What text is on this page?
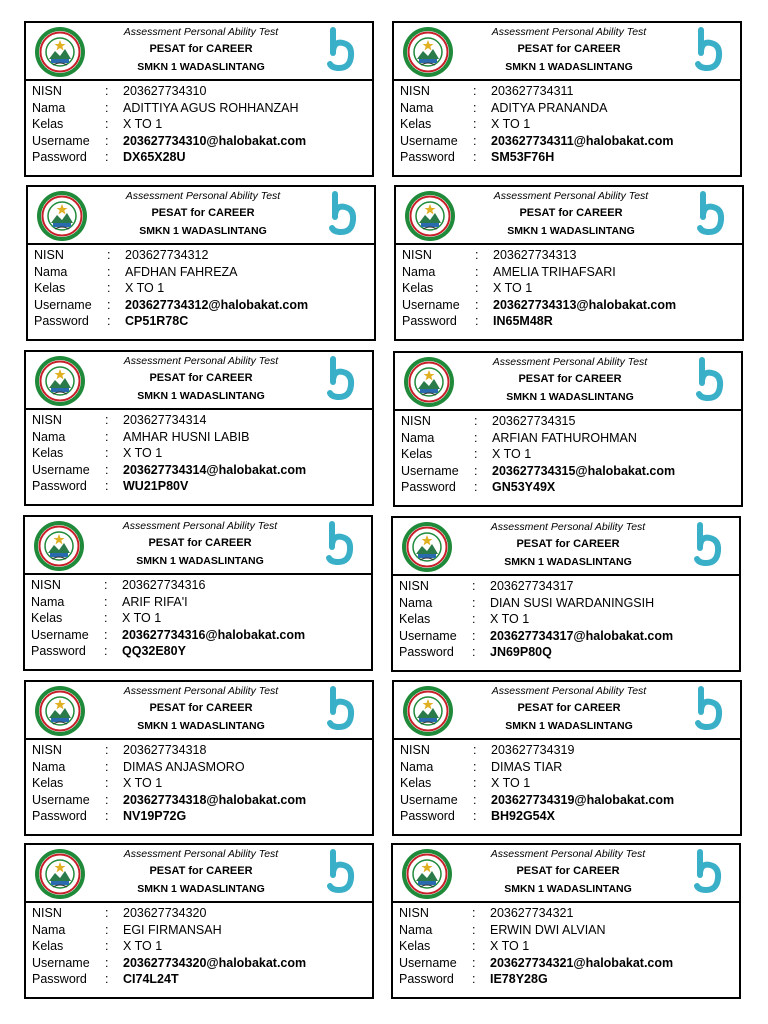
Assessment Personal Ability Test
PESAT for CAREER
SMKN 1 WADASLINTANG
NISN	:	203627734310
Nama	:	ADITTIYA AGUS ROHHANZAH
Kelas	:	X TO 1
Username	:	203627734310@halobakat.com
Password	:	DX65X28U
Assessment Personal Ability Test
PESAT for CAREER
SMKN 1 WADASLINTANG
NISN	:	203627734311
Nama	:	ADITYA PRANANDA
Kelas	:	X TO 1
Username	:	203627734311@halobakat.com
Password	:	SM53F76H
Assessment Personal Ability Test
PESAT for CAREER
SMKN 1 WADASLINTANG
NISN	:	203627734312
Nama	:	AFDHAN FAHREZA
Kelas	:	X TO 1
Username	:	203627734312@halobakat.com
Password	:	CP51R78C
Assessment Personal Ability Test
PESAT for CAREER
SMKN 1 WADASLINTANG
NISN	:	203627734313
Nama	:	AMELIA TRIHAFSARI
Kelas	:	X TO 1
Username	:	203627734313@halobakat.com
Password	:	IN65M48R
Assessment Personal Ability Test
PESAT for CAREER
SMKN 1 WADASLINTANG
NISN	:	203627734314
Nama	:	AMHAR HUSNI LABIB
Kelas	:	X TO 1
Username	:	203627734314@halobakat.com
Password	:	WU21P80V
Assessment Personal Ability Test
PESAT for CAREER
SMKN 1 WADASLINTANG
NISN	:	203627734315
Nama	:	ARFIAN FATHUROHMAN
Kelas	:	X TO 1
Username	:	203627734315@halobakat.com
Password	:	GN53Y49X
Assessment Personal Ability Test
PESAT for CAREER
SMKN 1 WADASLINTANG
NISN	:	203627734316
Nama	:	ARIF RIFA'I
Kelas	:	X TO 1
Username	:	203627734316@halobakat.com
Password	:	QQ32E80Y
Assessment Personal Ability Test
PESAT for CAREER
SMKN 1 WADASLINTANG
NISN	:	203627734317
Nama	:	DIAN SUSI WARDANINGSIH
Kelas	:	X TO 1
Username	:	203627734317@halobakat.com
Password	:	JN69P80Q
Assessment Personal Ability Test
PESAT for CAREER
SMKN 1 WADASLINTANG
NISN	:	203627734318
Nama	:	DIMAS ANJASMORO
Kelas	:	X TO 1
Username	:	203627734318@halobakat.com
Password	:	NV19P72G
Assessment Personal Ability Test
PESAT for CAREER
SMKN 1 WADASLINTANG
NISN	:	203627734319
Nama	:	DIMAS TIAR
Kelas	:	X TO 1
Username	:	203627734319@halobakat.com
Password	:	BH92G54X
Assessment Personal Ability Test
PESAT for CAREER
SMKN 1 WADASLINTANG
NISN	:	203627734320
Nama	:	EGI FIRMANSAH
Kelas	:	X TO 1
Username	:	203627734320@halobakat.com
Password	:	CI74L24T
Assessment Personal Ability Test
PESAT for CAREER
SMKN 1 WADASLINTANG
NISN	:	203627734321
Nama	:	ERWIN DWI ALVIAN
Kelas	:	X TO 1
Username	:	203627734321@halobakat.com
Password	:	IE78Y28G
